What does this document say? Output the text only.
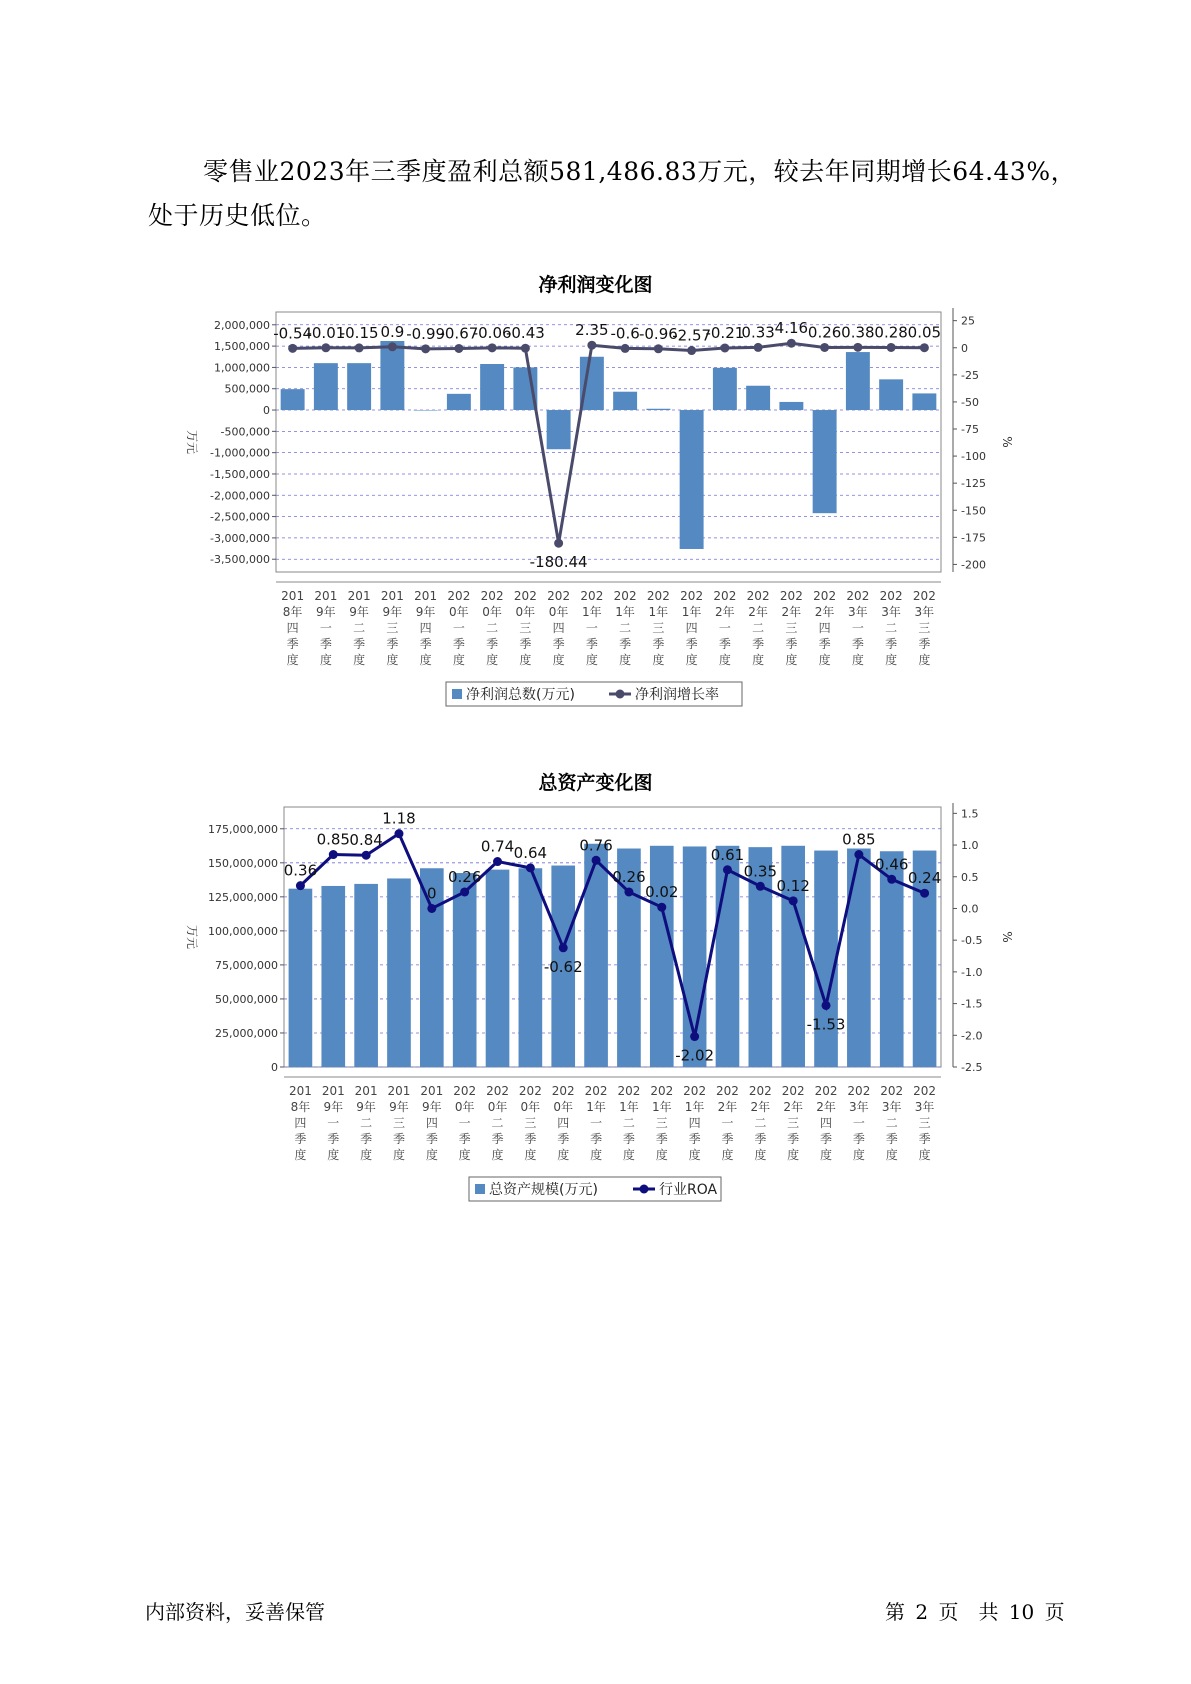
零售业2023年三季度盈利总额581,486.83万元，较去年同期增长64.43%，处于历史低位。
净利润变化图
2,000,000
1,500,000
1,000,000
500,000
0
-500,000
-1,000,000
-1,500,000
-2,000,000
-2,500,000
-3,000,000
-3,500,000
万元
25
0
-25
-50
-75
-100
-125
-150
-175
-200
%
-0.54
-0.01
-0.15 0.9 -0.99
-0.67
-0.06
-0.43
-180.44
2.35 -0.6 -0.96
-2.57
-0.21
0.33 4.16 0.26 0.38 0.28 0.05
201
8年
四
季
度
201
9年
一
季
度
201
9年
二
季
度
201
9年
三
季
度
201
9年
四
季
度
202
0年
一
季
度
202
0年
二
季
度
202
0年
三
季
度
202
0年
四
季
度
202
1年
一
季
度
202
1年
二
季
度
202
1年
三
季
度
202
1年
四
季
度
202
2年
一
季
度
202
2年
二
季
度
202
2年
三
季
度
202
2年
四
季
度
202
3年
一
季
度
202
3年
二
季
度
202
3年
三
季
度
净利润总数(万元)	净利润增长率
总资产变化图
175,000,000
150,000,000
125,000,000
100,000,000
75,000,000
50,000,000
25,000,000
0
万元
1.5
1.0
0.5
0.0
-0.5
-1.0
-1.5
-2.0
-2.5
%
0.36
0.85 0.84
1.18
0
0.26
0.74 0.64
-0.62
0.76
0.26
0.02
-2.02
0.61
0.35
0.12
-1.53
0.85
0.46
0.24
201
8年
四
季
度
201
9年
一
季
度
201
9年
二
季
度
201
9年
三
季
度
201
9年
四
季
度
202
0年
一
季
度
202
0年
二
季
度
202
0年
三
季
度
202
0年
四
季
度
202
1年
一
季
度
202
1年
二
季
度
202
1年
三
季
度
202
1年
四
季
度
202
2年
一
季
度
202
2年
二
季
度
202
2年
三
季
度
202
2年
四
季
度
202
3年
一
季
度
202
3年
二
季
度
202
3年
三
季
度
总资产规模(万元)	行业ROA
内部资料，妥善保管	第 2 页　共 10 页
